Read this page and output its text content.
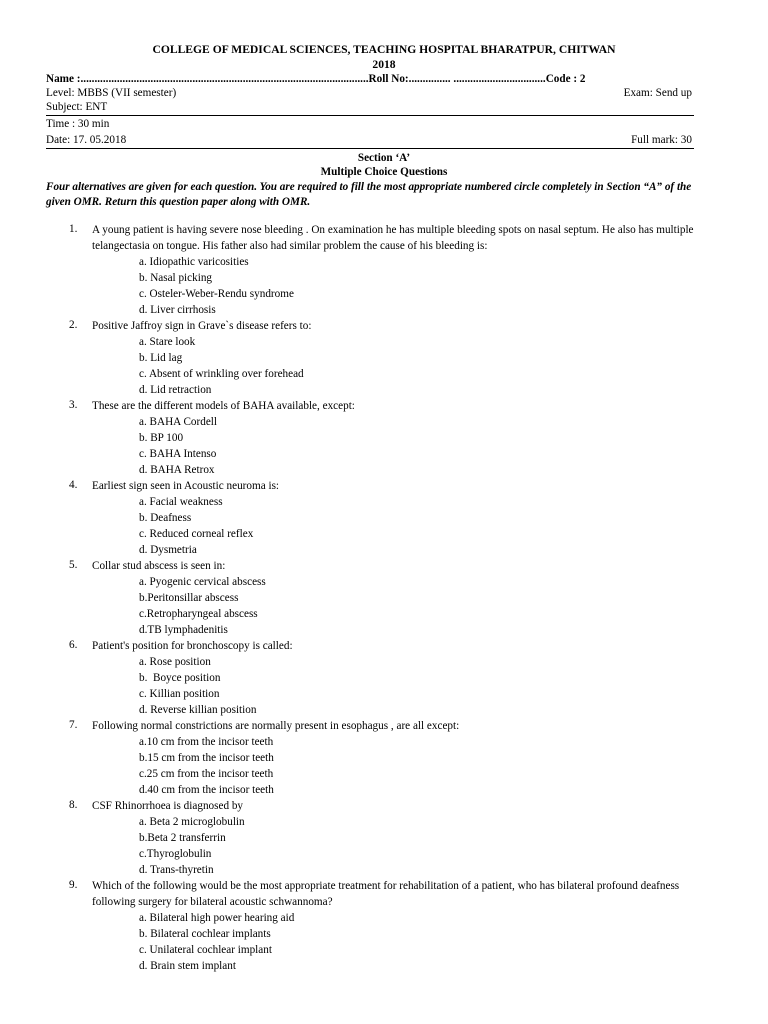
COLLEGE OF MEDICAL SCIENCES, TEACHING HOSPITAL BHARATPUR, CHITWAN
2018
Name :.......................................................................................................Roll No:............... .................................Code : 2
Level: MBBS (VII semester)	Exam: Send up
Subject: ENT
Time : 30 min
Date: 17. 05.2018	Full mark: 30
Section ‘A’
Multiple Choice Questions
Four alternatives are given for each question. You are required to fill the most appropriate numbered circle completely in Section “A” of the given OMR. Return this question paper along with OMR.
1. A young patient is having severe nose bleeding . On examination he has multiple bleeding spots on nasal septum. He also has multiple telangectasia on tongue. His father also had similar problem the cause of his bleeding is:
a. Idiopathic varicosities
b. Nasal picking
c. Osteler-Weber-Rendu syndrome
d. Liver cirrhosis
2. Positive Jaffroy sign in Grave`s disease refers to:
a. Stare look
b. Lid lag
c. Absent of wrinkling over forehead
d. Lid retraction
3. These are the different models of BAHA available, except:
a. BAHA Cordell
b. BP 100
c. BAHA Intenso
d. BAHA Retrox
4. Earliest sign seen in Acoustic neuroma is:
a. Facial weakness
b. Deafness
c. Reduced corneal reflex
d. Dysmetria
5. Collar stud abscess is seen in:
a. Pyogenic cervical abscess
b.Peritonsillar abscess
c.Retropharyngeal abscess
d.TB lymphadenitis
6. Patient's position for bronchoscopy is called:
a. Rose position
b.  Boyce position
c. Killian position
d. Reverse killian position
7. Following normal constrictions are normally present in esophagus , are all except:
a.10 cm from the incisor teeth
b.15 cm from the incisor teeth
c.25 cm from the incisor teeth
d.40 cm from the incisor teeth
8. CSF Rhinorrhoea is diagnosed by
a. Beta 2 microglobulin
b.Beta 2 transferrin
c.Thyroglobulin
d. Trans-thyretin
9. Which of the following would be the most appropriate treatment for rehabilitation of a patient, who has bilateral profound deafness following surgery for bilateral acoustic schwannoma?
a. Bilateral high power hearing aid
b. Bilateral cochlear implants
c. Unilateral cochlear implant
d. Brain stem implant
